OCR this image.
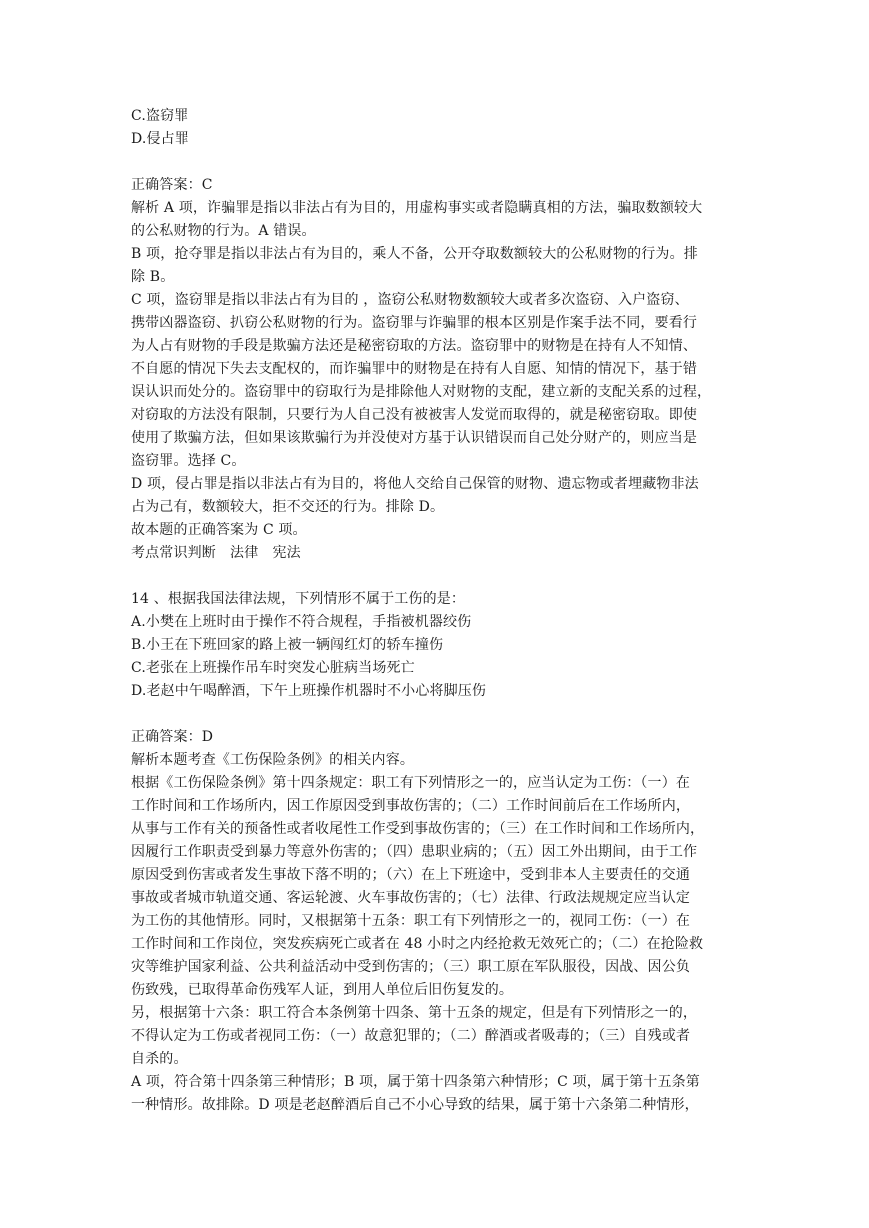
C.盗窃罪
D.侵占罪
正确答案：C
解析 A 项，诈骗罪是指以非法占有为目的，用虚构事实或者隐瞒真相的方法，骗取数额较大
的公私财物的行为。A 错误。
B 项，抢夺罪是指以非法占有为目的，乘人不备，公开夺取数额较大的公私财物的行为。排
除 B。
C 项，盗窃罪是指以非法占有为目的 ，盗窃公私财物数额较大或者多次盗窃、入户盗窃、
携带凶器盗窃、扒窃公私财物的行为。盗窃罪与诈骗罪的根本区别是作案手法不同，要看行
为人占有财物的手段是欺骗方法还是秘密窃取的方法。盗窃罪中的财物是在持有人不知情、
不自愿的情况下失去支配权的，而诈骗罪中的财物是在持有人自愿、知情的情况下，基于错
误认识而处分的。盗窃罪中的窃取行为是排除他人对财物的支配，建立新的支配关系的过程，
对窃取的方法没有限制，只要行为人自己没有被被害人发觉而取得的，就是秘密窃取。即使
使用了欺骗方法，但如果该欺骗行为并没使对方基于认识错误而自己处分财产的，则应当是
盗窃罪。选择 C。
D 项，侵占罪是指以非法占有为目的，将他人交给自己保管的财物、遗忘物或者埋藏物非法
占为己有，数额较大，拒不交还的行为。排除 D。
故本题的正确答案为 C 项。
考点常识判断　法律　宪法
14 、根据我国法律法规，下列情形不属于工伤的是：
A.小樊在上班时由于操作不符合规程，手指被机器绞伤
B.小王在下班回家的路上被一辆闯红灯的轿车撞伤
C.老张在上班操作吊车时突发心脏病当场死亡
D.老赵中午喝醉酒，下午上班操作机器时不小心将脚压伤
正确答案：D
解析本题考查《工伤保险条例》的相关内容。
根据《工伤保险条例》第十四条规定：职工有下列情形之一的，应当认定为工伤：（一）在
工作时间和工作场所内，因工作原因受到事故伤害的；（二）工作时间前后在工作场所内，
从事与工作有关的预备性或者收尾性工作受到事故伤害的；（三）在工作时间和工作场所内，
因履行工作职责受到暴力等意外伤害的；（四）患职业病的；（五）因工外出期间，由于工作
原因受到伤害或者发生事故下落不明的；（六）在上下班途中，受到非本人主要责任的交通
事故或者城市轨道交通、客运轮渡、火车事故伤害的；（七）法律、行政法规规定应当认定
为工伤的其他情形。同时，又根据第十五条：职工有下列情形之一的，视同工伤：（一）在
工作时间和工作岗位，突发疾病死亡或者在 48 小时之内经抢救无效死亡的；（二）在抢险救
灾等维护国家利益、公共利益活动中受到伤害的；（三）职工原在军队服役，因战、因公负
伤致残，已取得革命伤残军人证，到用人单位后旧伤复发的。
另，根据第十六条：职工符合本条例第十四条、第十五条的规定，但是有下列情形之一的，
不得认定为工伤或者视同工伤：（一）故意犯罪的；（二）醉酒或者吸毒的；（三）自残或者
自杀的。
A 项，符合第十四条第三种情形；B 项，属于第十四条第六种情形；C 项，属于第十五条第
一种情形。故排除。D 项是老赵醉酒后自己不小心导致的结果，属于第十六条第二种情形，
